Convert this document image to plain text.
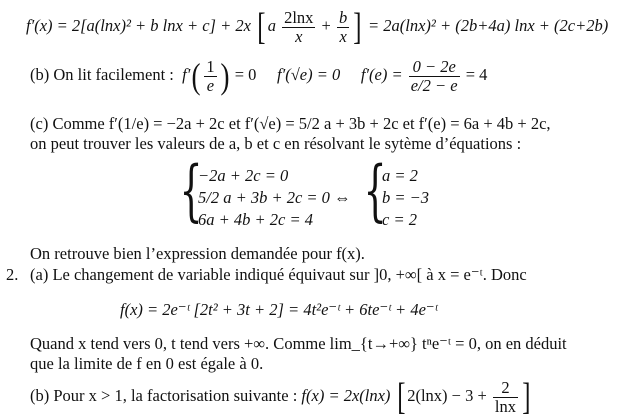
f′(x) = 2[a(lnx)² + b lnx + c] + 2x [ a $\frac{2\ln x}{x} + \frac{b}{x}$ ] = 2a(lnx)² + (2b+4a) lnx + (2c+2b)
(b) On lit facilement : $f'( \frac{1}{e}$ ) = 0 f′(√e) = 0 $f'(e) = \frac{0 - 2e}{e/2 - e} = 4$
(c) Comme f′(1/e) = −2a + 2c et f′(√e) = 5/2 a + 3b + 2c et f′(e) = 6a + 4b + 2c,
on peut trouver les valeurs de a, b et c en résolvant le sytème d’équations :
{
−2a + 2c = 0
5/2 a + 3b + 2c = 0
6a + 4b + 2c = 4
⇔ {
a = 2
b = −3
c = 2
On retrouve bien l’expression demandée pour f(x).
2. (a) Le changement de variable indiqué équivaut sur ]0, +∞[ à x = e⁻ᵗ. Donc
f(x) = 2e⁻ᵗ [2t² + 3t + 2] = 4t²e⁻ᵗ + 6te⁻ᵗ + 4e⁻ᵗ
Quand x tend vers 0, t tend vers +∞. Comme lim_{t→+∞} tⁿe⁻ᵗ = 0, on en déduit
que la limite de f en 0 est égale à 0.
(b) Pour x > 1, la factorisation suivante : f(x) = 2x(lnx) [ $2(\ln x) - 3 + \frac{2}{\ln x}$ ]
